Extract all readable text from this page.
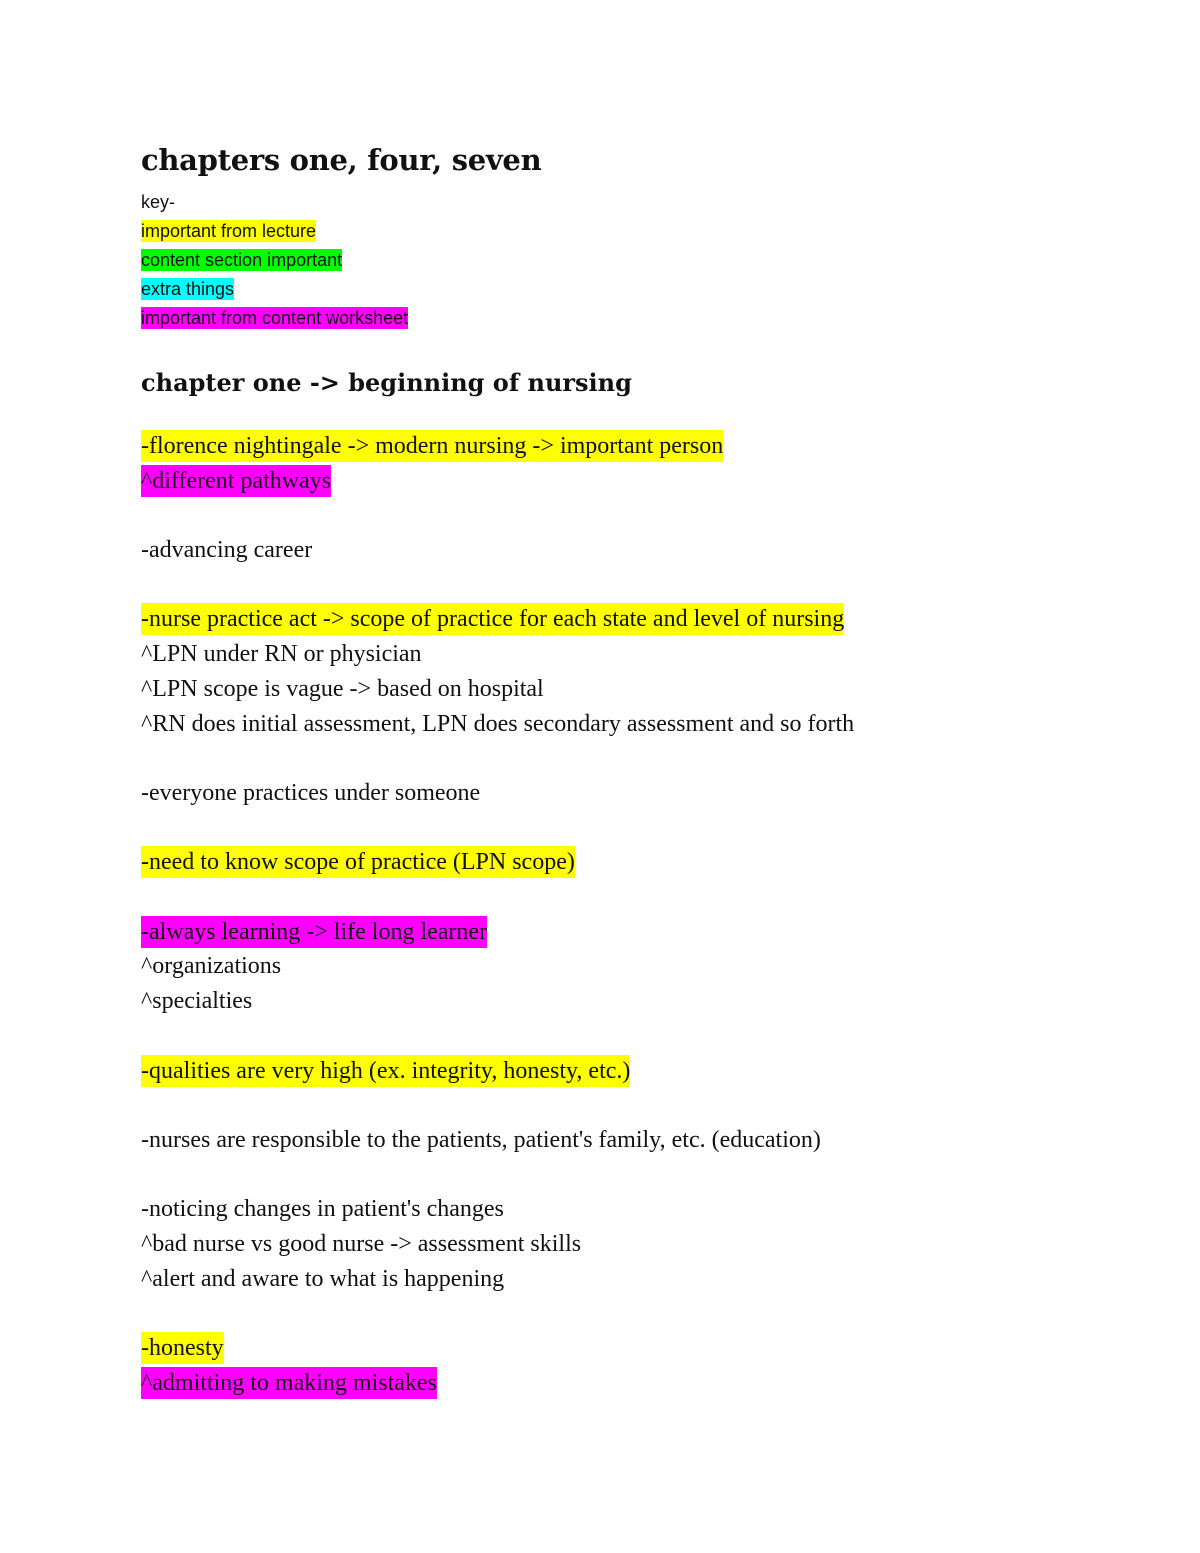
chapters one, four, seven
key-
important from lecture
content section important
extra things
important from content worksheet
chapter one -> beginning of nursing
-florence nightingale -> modern nursing -> important person
^different pathways
-advancing career
-nurse practice act -> scope of practice for each state and level of nursing
^LPN under RN or physician
^LPN scope is vague -> based on hospital
^RN does initial assessment, LPN does secondary assessment and so forth
-everyone practices under someone
-need to know scope of practice (LPN scope)
-always learning -> life long learner
^organizations
^specialties
-qualities are very high (ex. integrity, honesty, etc.)
-nurses are responsible to the patients, patient's family, etc. (education)
-noticing changes in patient's changes
^bad nurse vs good nurse -> assessment skills
^alert and aware to what is happening
-honesty
^admitting to making mistakes
